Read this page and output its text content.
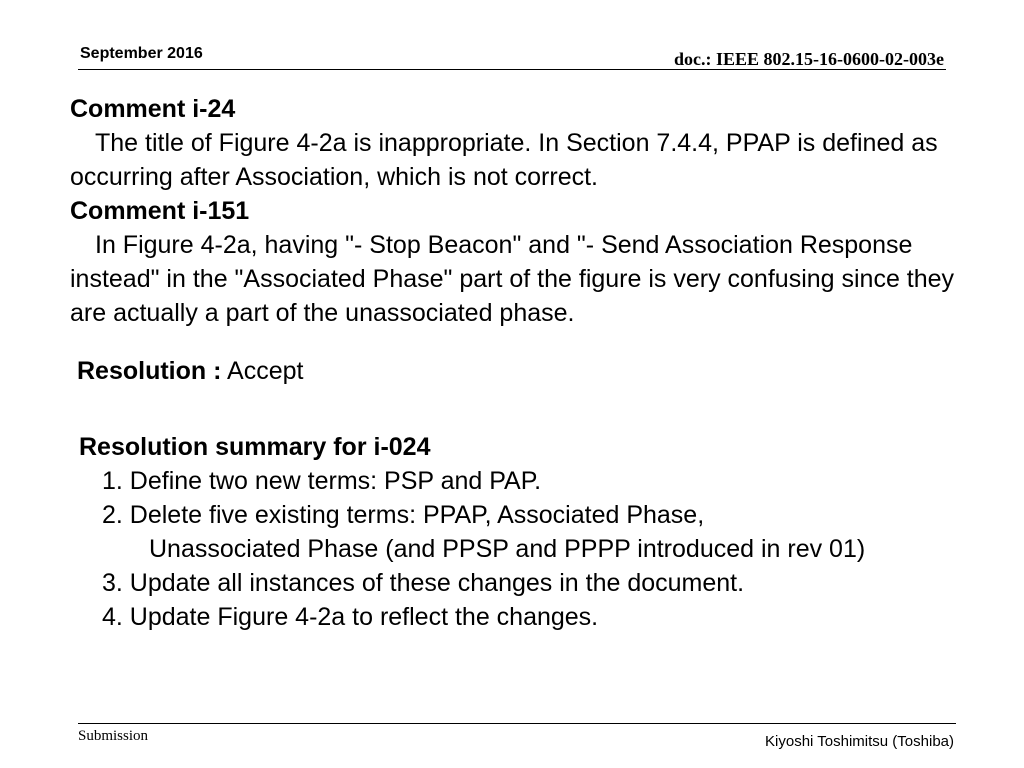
September 2016	doc.: IEEE 802.15-16-0600-02-003e
Comment i-24
The title of Figure 4-2a is inappropriate. In Section 7.4.4, PPAP is defined as occurring after Association, which is not correct.
Comment i-151
In Figure 4-2a, having "- Stop Beacon" and "- Send Association Response instead" in the "Associated Phase" part of the figure is very confusing since they are actually a part of the unassociated phase.
Resolution : Accept
Resolution summary for i-024
1. Define two new terms: PSP and PAP.
2. Delete five existing terms: PPAP, Associated Phase,
Unassociated Phase (and PPSP and PPPP introduced in rev 01)
3. Update all instances of these changes in the document.
4. Update Figure 4-2a to reflect the changes.
Submission	Kiyoshi Toshimitsu (Toshiba)
